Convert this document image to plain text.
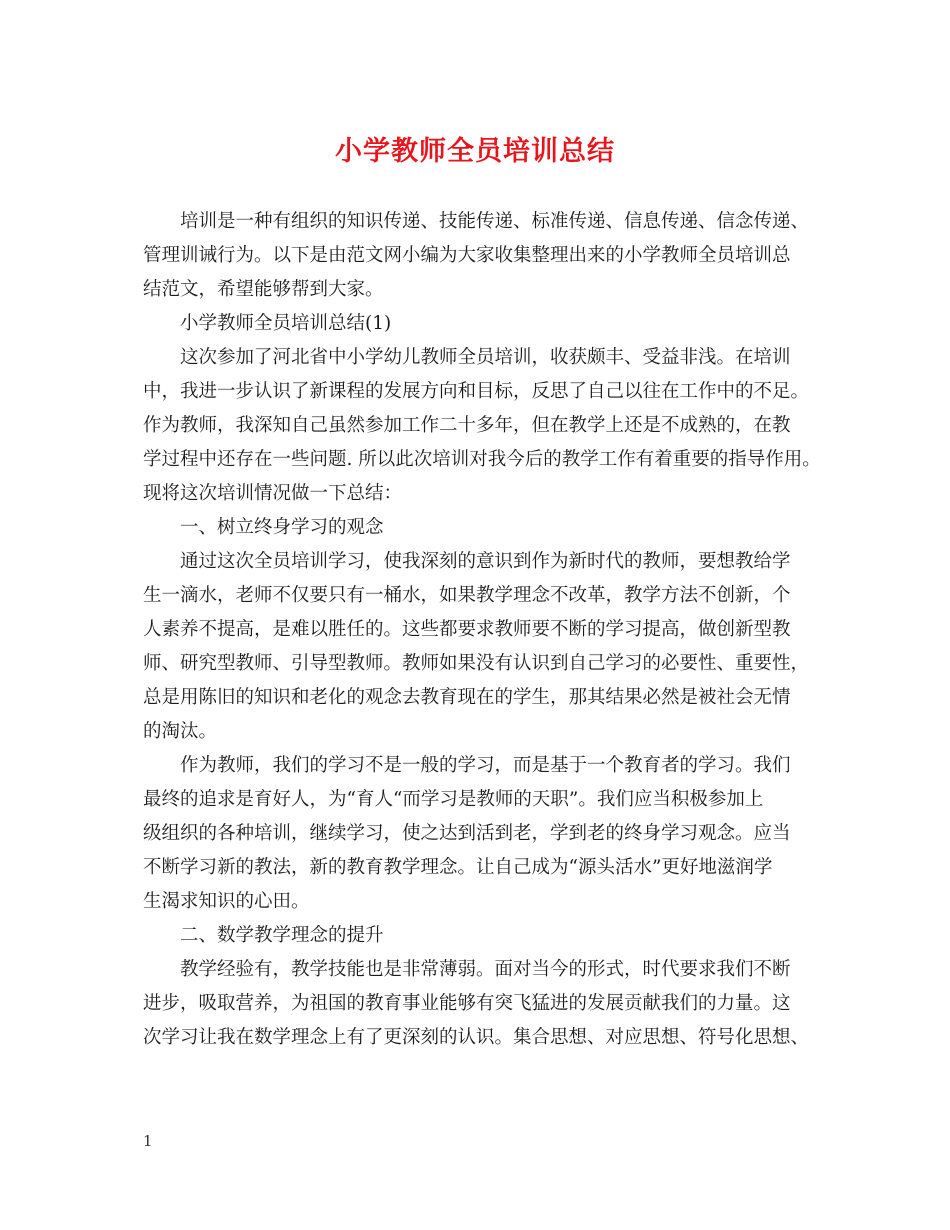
小学教师全员培训总结
培训是一种有组织的知识传递、技能传递、标准传递、信息传递、信念传递、
管理训诫行为。以下是由范文网小编为大家收集整理出来的小学教师全员培训总
结范文，希望能够帮到大家。
小学教师全员培训总结(1)
这次参加了河北省中小学幼儿教师全员培训，收获颇丰、受益非浅。在培训
中，我进一步认识了新课程的发展方向和目标，反思了自己以往在工作中的不足。
作为教师，我深知自己虽然参加工作二十多年，但在教学上还是不成熟的，在教
学过程中还存在一些问题. 所以此次培训对我今后的教学工作有着重要的指导作用。
现将这次培训情况做一下总结：
一、树立终身学习的观念
通过这次全员培训学习，使我深刻的意识到作为新时代的教师，要想教给学
生一滴水，老师不仅要只有一桶水，如果教学理念不改革，教学方法不创新，个
人素养不提高，是难以胜任的。这些都要求教师要不断的学习提高，做创新型教
师、研究型教师、引导型教师。教师如果没有认识到自己学习的必要性、重要性，
总是用陈旧的知识和老化的观念去教育现在的学生，那其结果必然是被社会无情
的淘汰。
作为教师，我们的学习不是一般的学习，而是基于一个教育者的学习。我们
最终的追求是育好人，为“育人“而学习是教师的天职”。我们应当积极参加上
级组织的各种培训，继续学习，使之达到活到老，学到老的终身学习观念。应当
不断学习新的教法，新的教育教学理念。让自己成为“源头活水”更好地滋润学
生渴求知识的心田。
二、数学教学理念的提升
教学经验有，教学技能也是非常薄弱。面对当今的形式，时代要求我们不断
进步，吸取营养，为祖国的教育事业能够有突飞猛进的发展贡献我们的力量。这
次学习让我在数学理念上有了更深刻的认识。集合思想、对应思想、符号化思想、
1
